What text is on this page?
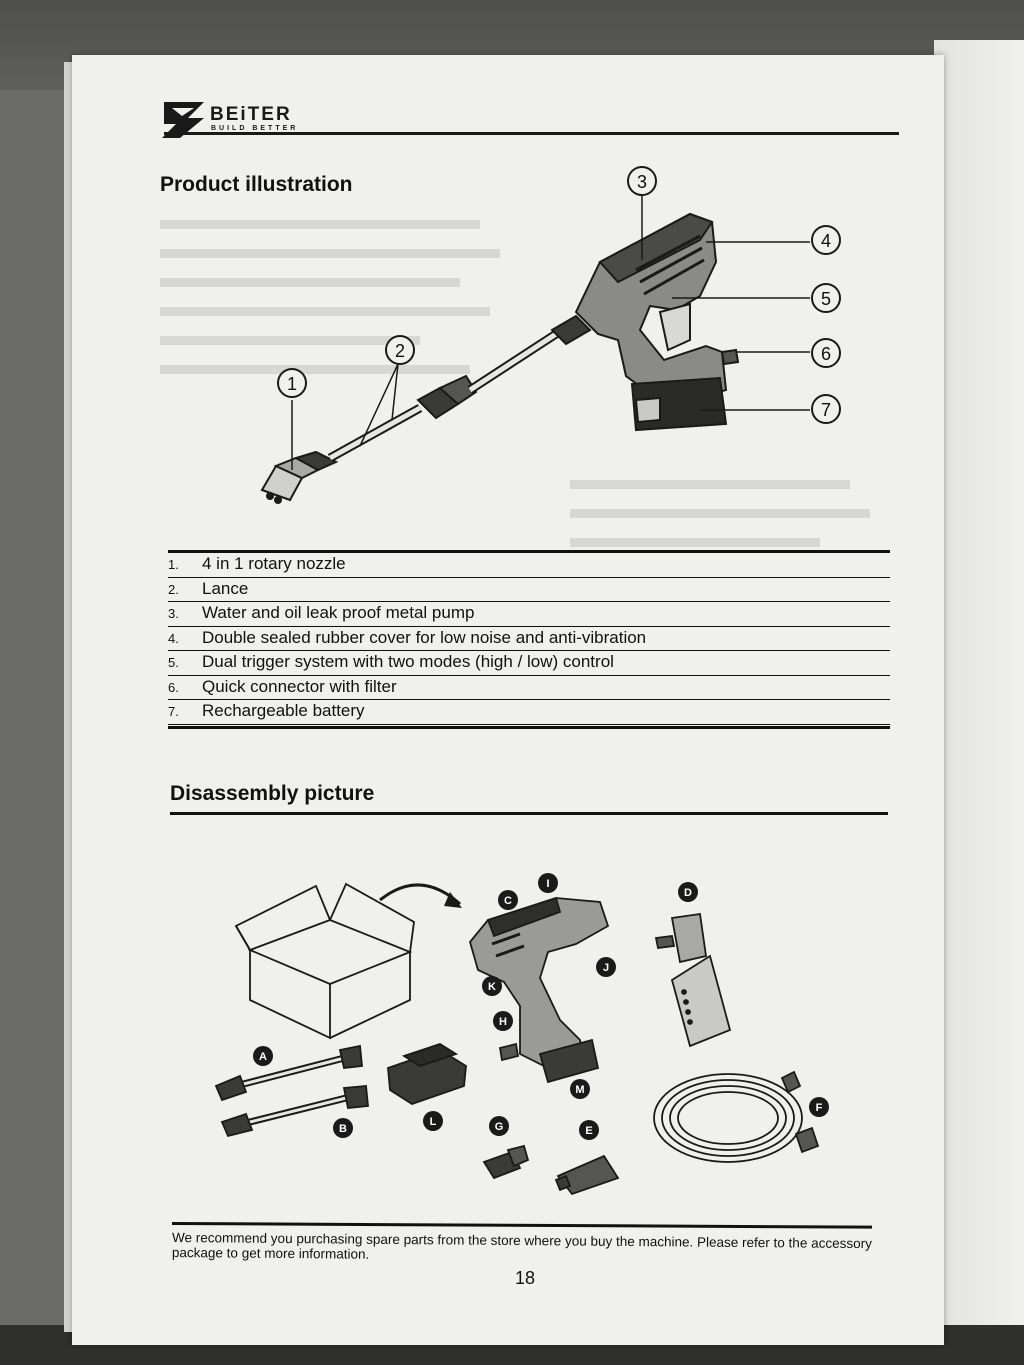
BEiTER
BUILD BETTER
Product illustration
1
2
3
4
5
6
7
1. 4 in 1 rotary nozzle
2. Lance
3. Water and oil leak proof metal pump
4. Double sealed rubber cover for low noise and anti-vibration
5. Dual trigger system with two modes (high / low) control
6. Quick connector with filter
7. Rechargeable battery
Disassembly picture
A
B
C
D
E
F
G
H
I
J
K
L
M
We recommend you purchasing spare parts from the store where you buy the machine. Please refer to the accessory package to get more information.
18
